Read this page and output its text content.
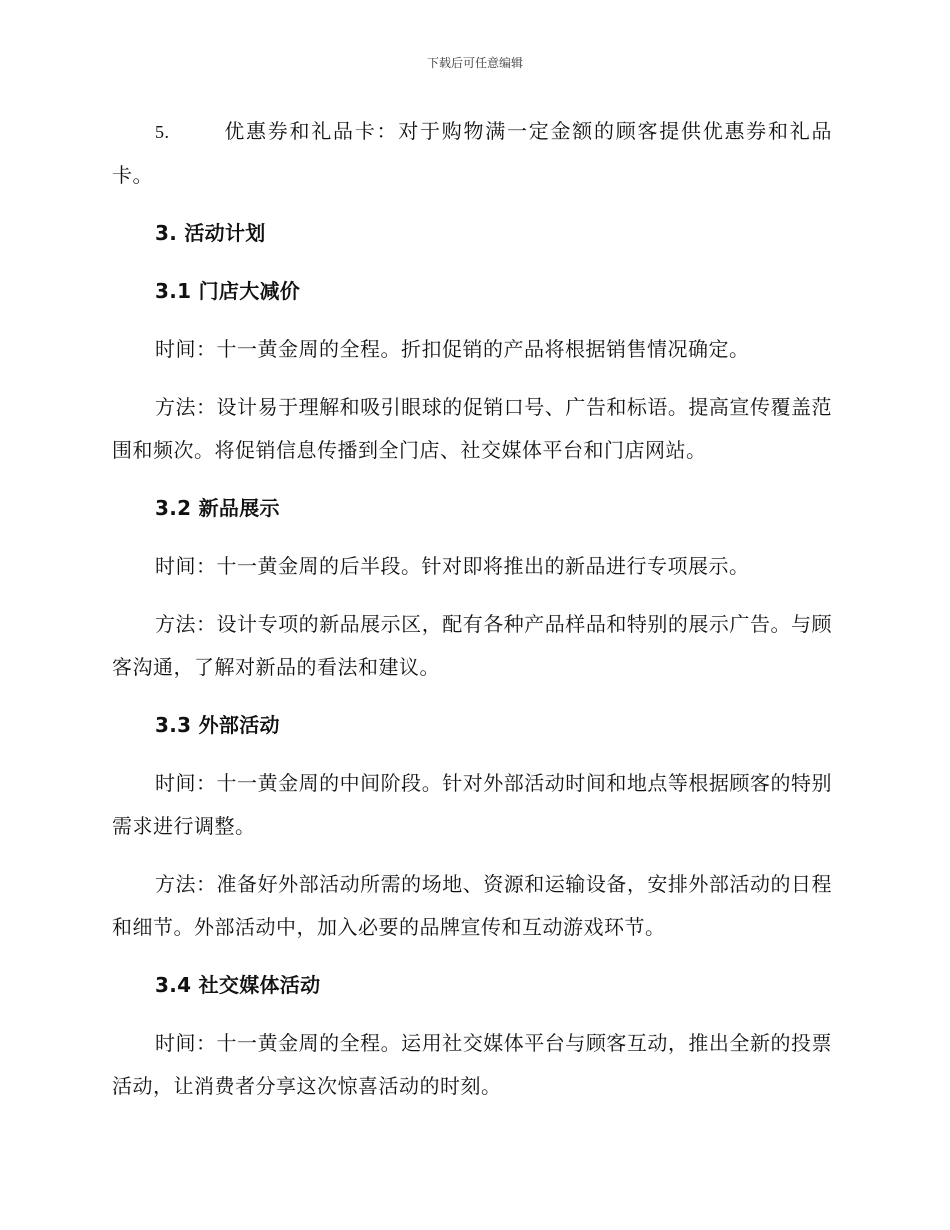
下载后可任意编辑

5.	优惠券和礼品卡：对于购物满一定金额的顾客提供优惠券和礼品卡。

3. 活动计划
3.1 门店大减价

时间：十一黄金周的全程。折扣促销的产品将根据销售情况确定。

方法：设计易于理解和吸引眼球的促销口号、广告和标语。提高宣传覆盖范围和频次。将促销信息传播到全门店、社交媒体平台和门店网站。

3.2 新品展示

时间：十一黄金周的后半段。针对即将推出的新品进行专项展示。

方法：设计专项的新品展示区，配有各种产品样品和特别的展示广告。与顾客沟通，了解对新品的看法和建议。

3.3 外部活动

时间：十一黄金周的中间阶段。针对外部活动时间和地点等根据顾客的特别需求进行调整。

方法：准备好外部活动所需的场地、资源和运输设备，安排外部活动的日程和细节。外部活动中，加入必要的品牌宣传和互动游戏环节。

3.4 社交媒体活动

时间：十一黄金周的全程。运用社交媒体平台与顾客互动，推出全新的投票活动，让消费者分享这次惊喜活动的时刻。
